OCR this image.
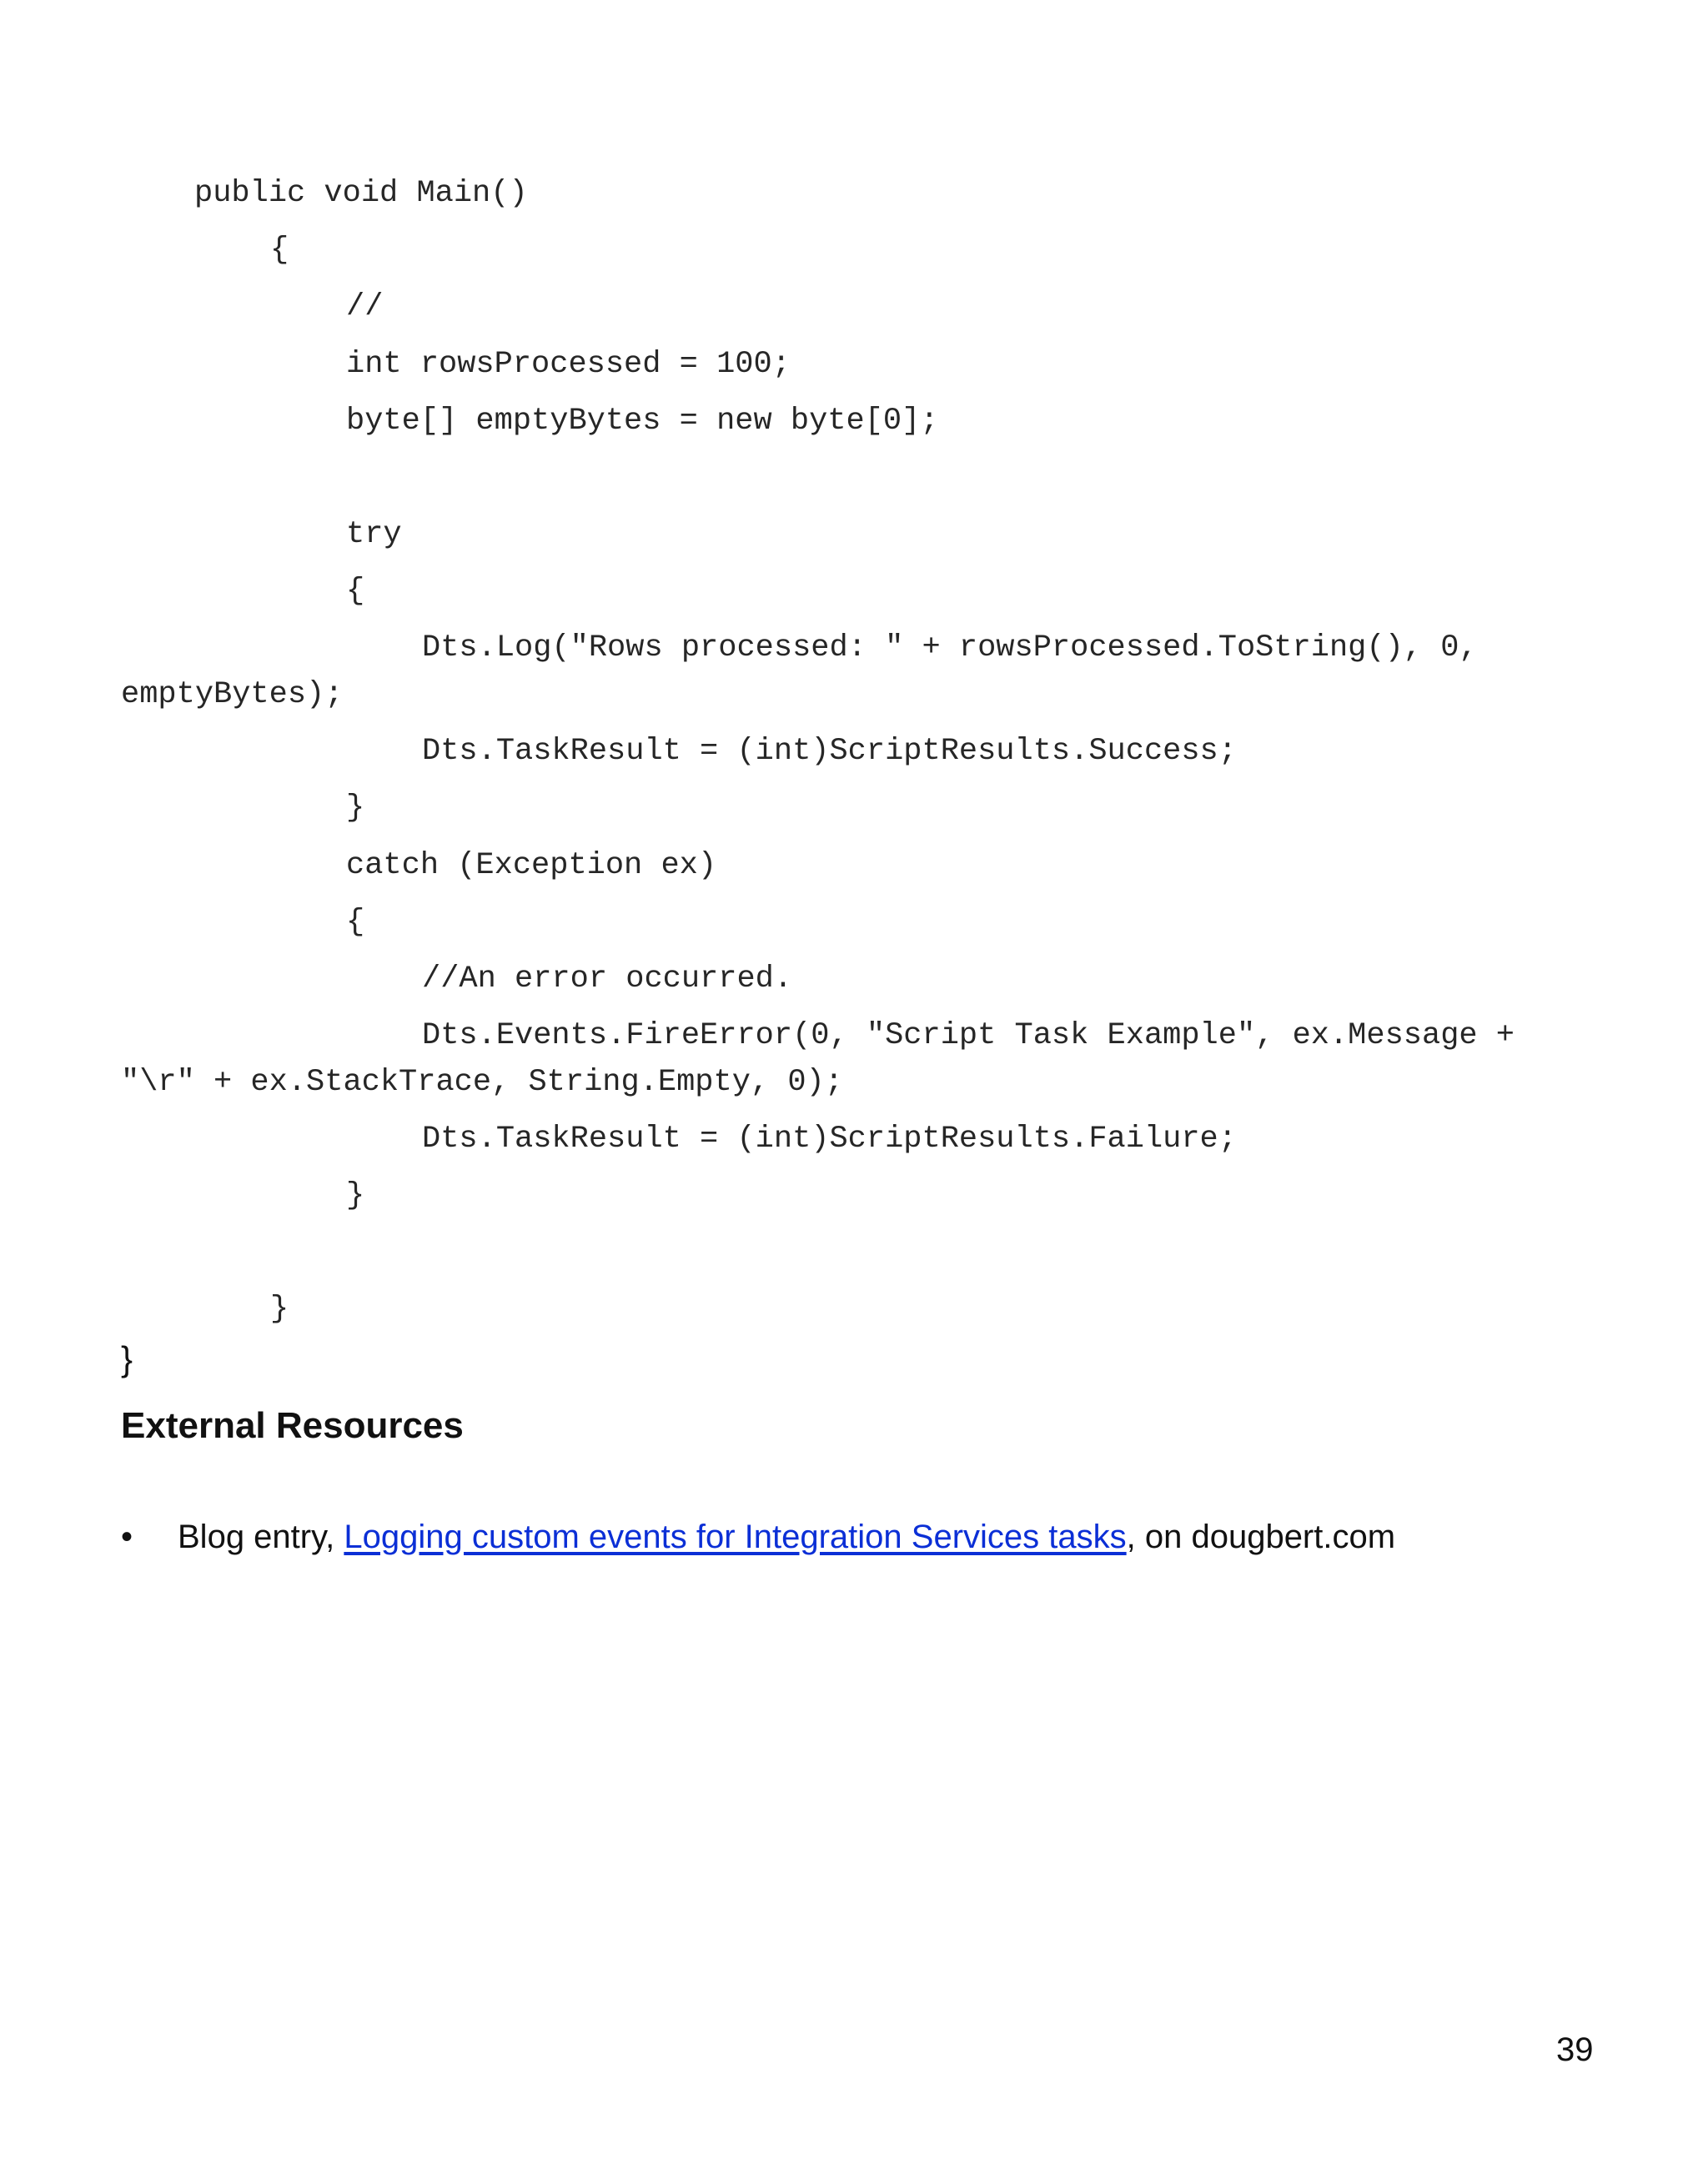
public void Main()

{

//

int rowsProcessed = 100;

byte[] emptyBytes = new byte[0];

try

{

Dts.Log("Rows processed: " + rowsProcessed.ToString(), 0,

emptyBytes);

Dts.TaskResult = (int)ScriptResults.Success;

}

catch (Exception ex)

{

//An error occurred.

Dts.Events.FireError(0, "Script Task Example", ex.Message +

"\r" + ex.StackTrace, String.Empty, 0);

Dts.TaskResult = (int)ScriptResults.Failure;

}

}

}
External Resources
• Blog entry, Logging custom events for Integration Services tasks, on dougbert.com
39
